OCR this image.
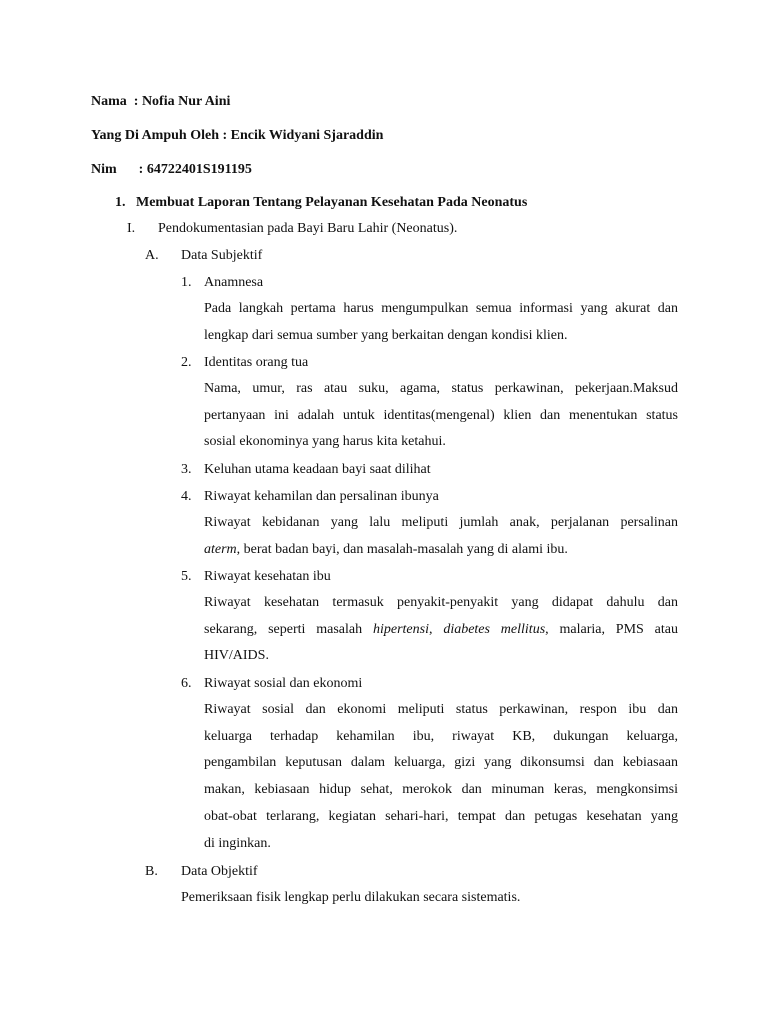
Nama : Nofia Nur Aini
Yang Di Ampuh Oleh : Encik Widyani Sjaraddin
Nim : 64722401S191195
1. Membuat Laporan Tentang Pelayanan Kesehatan Pada Neonatus
I. Pendokumentasian pada Bayi Baru Lahir (Neonatus).
A. Data Subjektif
1. Anamnesa
Pada langkah pertama harus mengumpulkan semua informasi yang akurat dan
lengkap dari semua sumber yang berkaitan dengan kondisi klien.
2. Identitas orang tua
Nama, umur, ras atau suku, agama, status perkawinan, pekerjaan.Maksud
pertanyaan ini adalah untuk identitas(mengenal) klien dan menentukan status
sosial ekonominya yang harus kita ketahui.
3. Keluhan utama keadaan bayi saat dilihat
4. Riwayat kehamilan dan persalinan ibunya
Riwayat kebidanan yang lalu meliputi jumlah anak, perjalanan persalinan
aterm, berat badan bayi, dan masalah-masalah yang di alami ibu.
5. Riwayat kesehatan ibu
Riwayat kesehatan termasuk penyakit-penyakit yang didapat dahulu dan
sekarang, seperti masalah hipertensi, diabetes mellitus, malaria, PMS atau
HIV/AIDS.
6. Riwayat sosial dan ekonomi
Riwayat sosial dan ekonomi meliputi status perkawinan, respon ibu dan
keluarga terhadap kehamilan ibu, riwayat KB, dukungan keluarga,
pengambilan keputusan dalam keluarga, gizi yang dikonsumsi dan kebiasaan
makan, kebiasaan hidup sehat, merokok dan minuman keras, mengkonsimsi
obat-obat terlarang, kegiatan sehari-hari, tempat dan petugas kesehatan yang
di inginkan.
B. Data Objektif
Pemeriksaan fisik lengkap perlu dilakukan secara sistematis.
